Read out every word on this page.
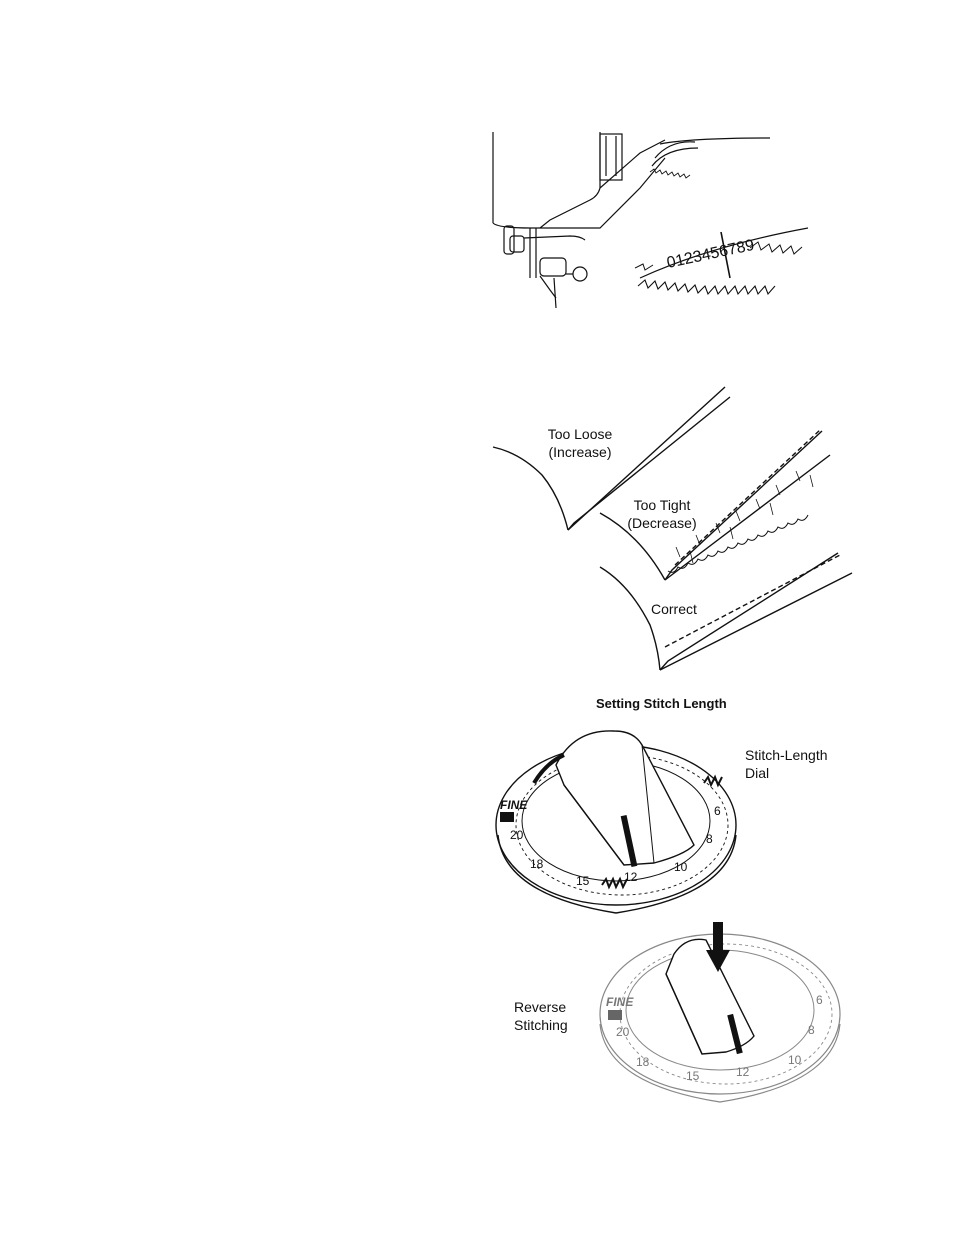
0123456789
Too Loose
(Increase)
Too Tight
(Decrease)
Correct
Setting Stitch Length
FINE
20
18
15	12
10
8
6
Stitch-Length
Dial
FINE
20
18
15	12
10
8
6
Reverse
Stitching
